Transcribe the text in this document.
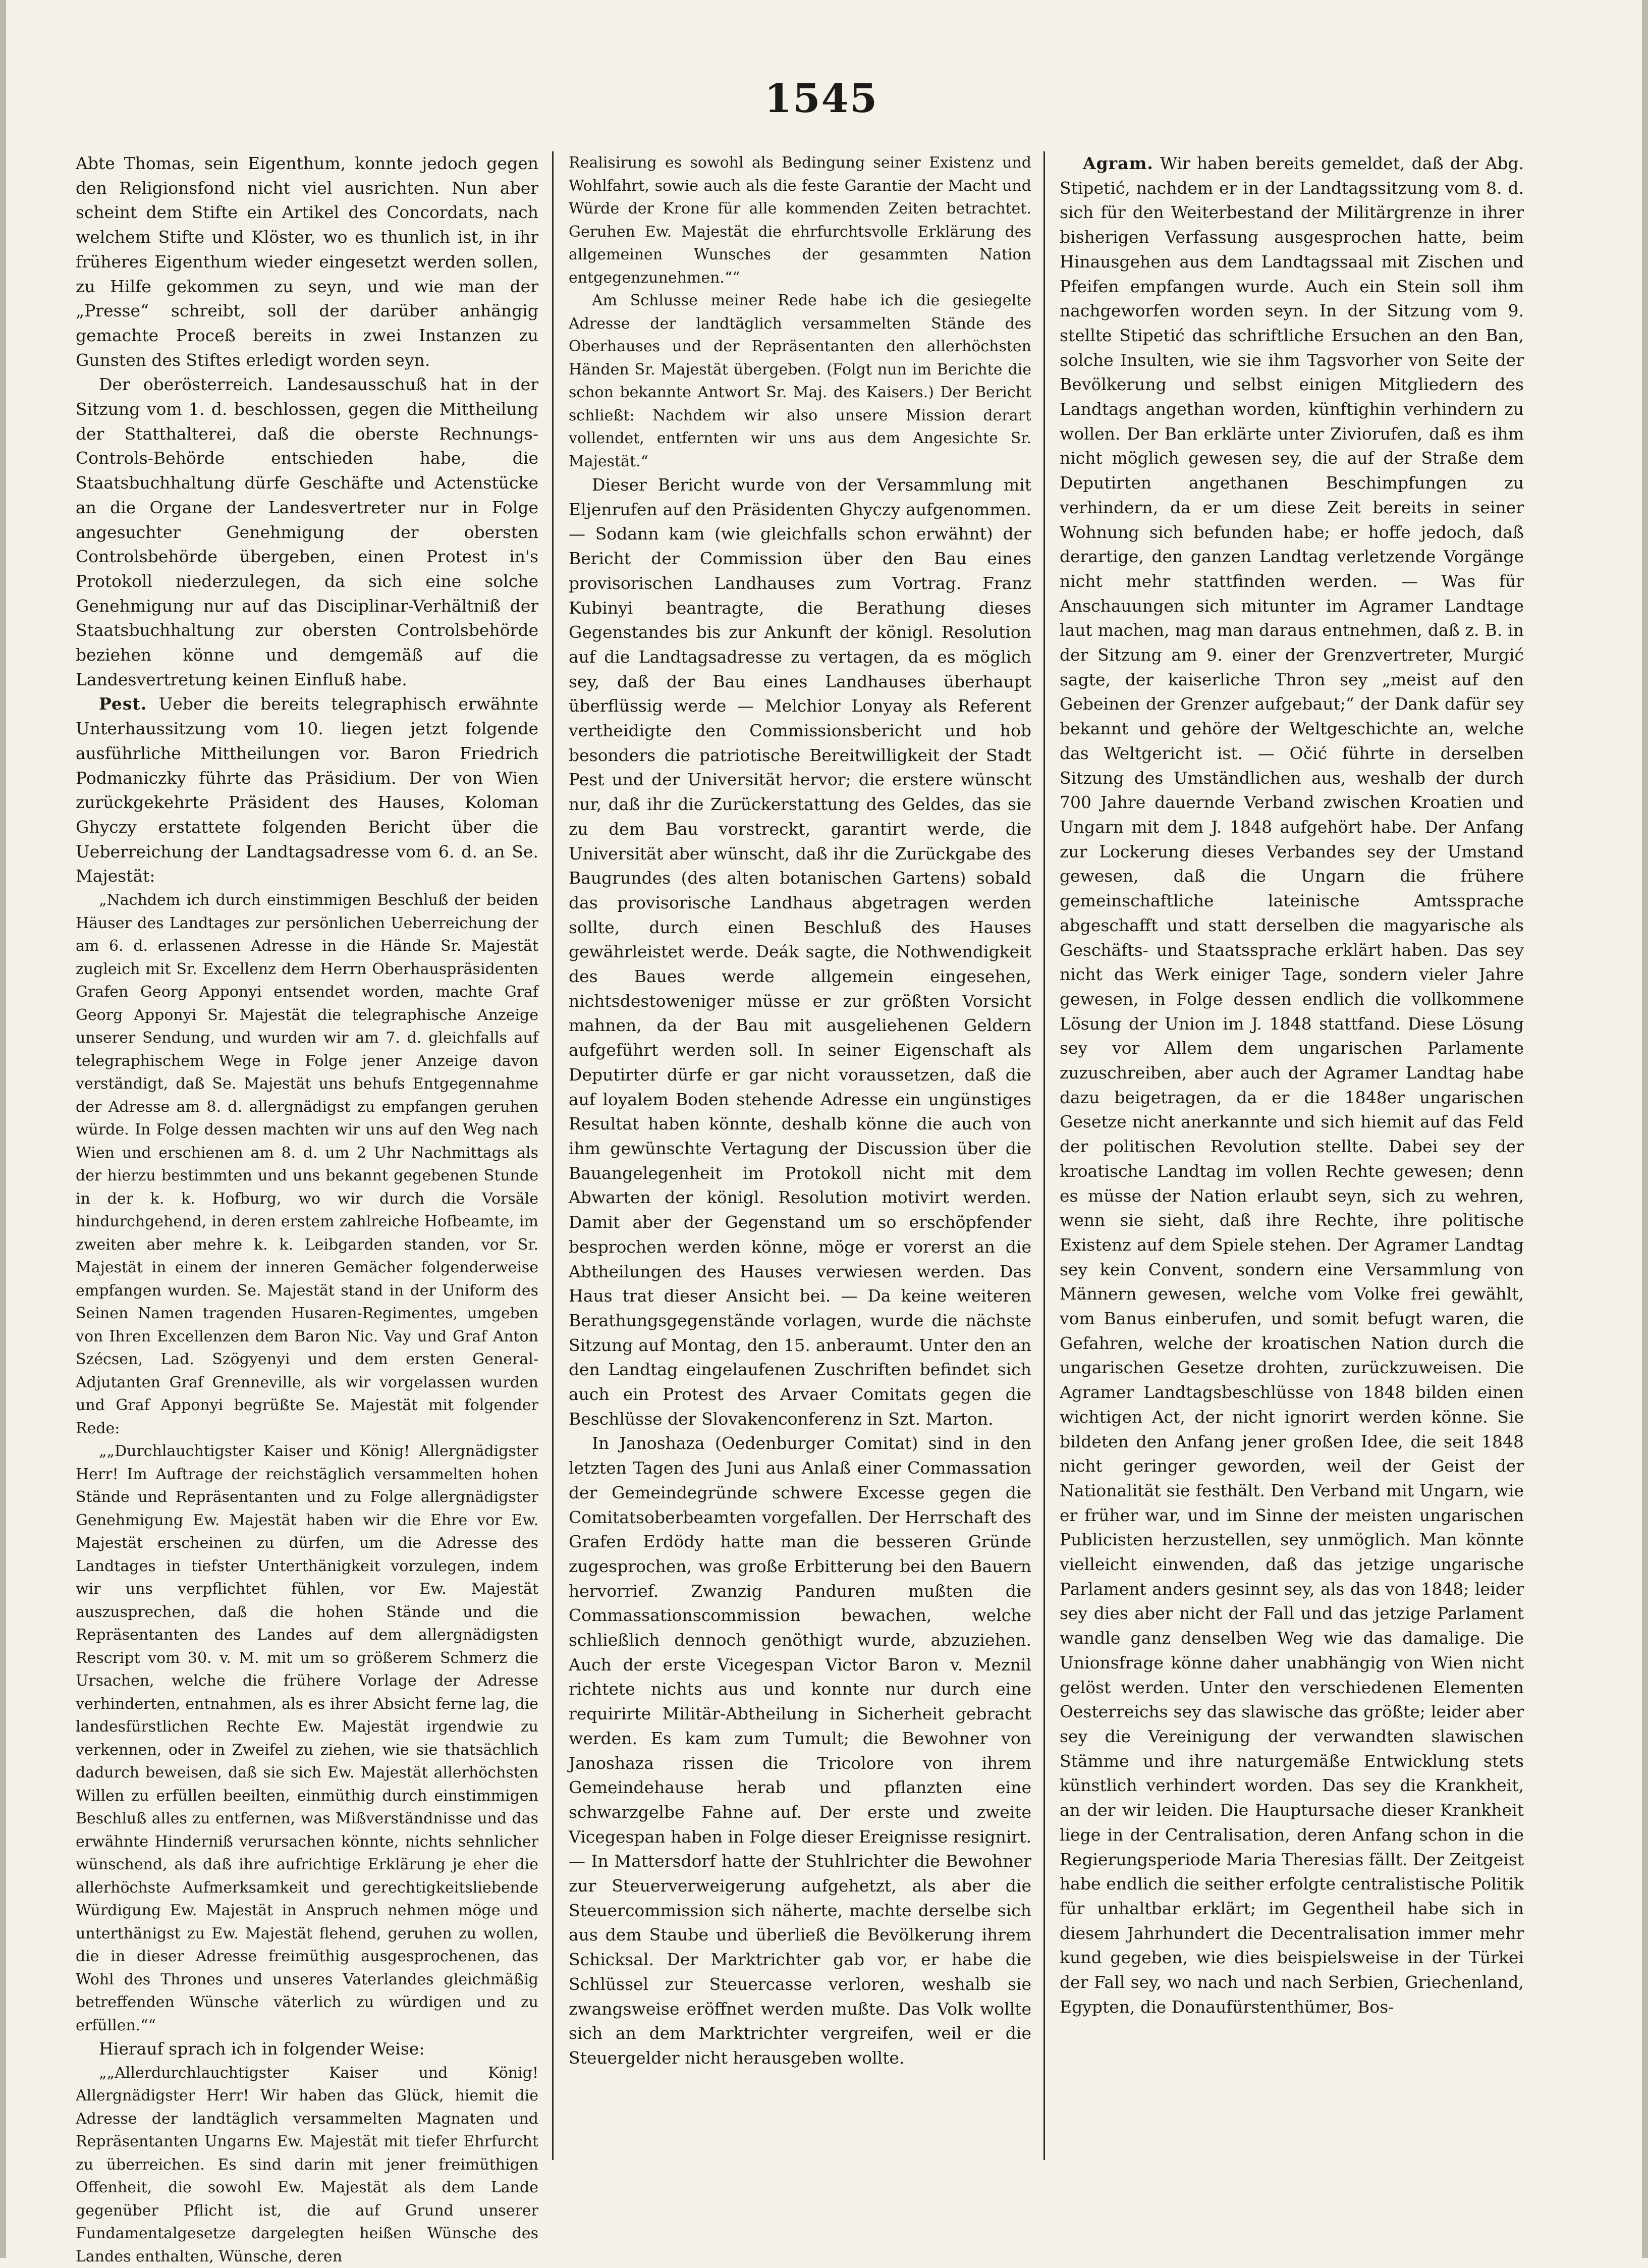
1545

Abte Thomas, sein Eigenthum, konnte jedoch gegen den Religionsfond nicht viel ausrichten. Nun aber scheint dem Stifte ein Artikel des Concordats, nach welchem Stifte und Klöster, wo es thunlich ist, in ihr früheres Eigenthum wieder eingesetzt werden sollen, zu Hilfe gekommen zu seyn, und wie man der „Presse“ schreibt, soll der darüber anhängig gemachte Proceß bereits in zwei Instanzen zu Gunsten des Stiftes erledigt worden seyn.

Der oberösterreich. Landesausschuß hat in der Sitzung vom 1. d. beschlossen, gegen die Mittheilung der Statthalterei, daß die oberste Rechnungs-Controls-Behörde entschieden habe, die Staatsbuchhaltung dürfe Geschäfte und Actenstücke an die Organe der Landesvertreter nur in Folge angesuchter Genehmigung der obersten Controlsbehörde übergeben, einen Protest in's Protokoll niederzulegen, da sich eine solche Genehmigung nur auf das Disciplinar-Verhältniß der Staatsbuchhaltung zur obersten Controlsbehörde beziehen könne und demgemäß auf die Landesvertretung keinen Einfluß habe.

Pest. Ueber die bereits telegraphisch erwähnte Unterhaussitzung vom 10. liegen jetzt folgende ausführliche Mittheilungen vor. Baron Friedrich Podmaniczky führte das Präsidium. Der von Wien zurückgekehrte Präsident des Hauses, Koloman Ghyczy erstattete folgenden Bericht über die Ueberreichung der Landtagsadresse vom 6. d. an Se. Majestät:

„Nachdem ich durch einstimmigen Beschluß der beiden Häuser des Landtages zur persönlichen Ueberreichung der am 6. d. erlassenen Adresse in die Hände Sr. Majestät zugleich mit Sr. Excellenz dem Herrn Oberhauspräsidenten Grafen Georg Apponyi entsendet worden, machte Graf Georg Apponyi Sr. Majestät die telegraphische Anzeige unserer Sendung, und wurden wir am 7. d. gleichfalls auf telegraphischem Wege in Folge jener Anzeige davon verständigt, daß Se. Majestät uns behufs Entgegennahme der Adresse am 8. d. allergnädigst zu empfangen geruhen würde. In Folge dessen machten wir uns auf den Weg nach Wien und erschienen am 8. d. um 2 Uhr Nachmittags als der hierzu bestimmten und uns bekannt gegebenen Stunde in der k. k. Hofburg, wo wir durch die Vorsäle hindurchgehend, in deren erstem zahlreiche Hofbeamte, im zweiten aber mehre k. k. Leibgarden standen, vor Sr. Majestät in einem der inneren Gemächer folgenderweise empfangen wurden. Se. Majestät stand in der Uniform des Seinen Namen tragenden Husaren-Regimentes, umgeben von Ihren Excellenzen dem Baron Nic. Vay und Graf Anton Szécsen, Lad. Szögyenyi und dem ersten General-Adjutanten Graf Grenneville, als wir vorgelassen wurden und Graf Apponyi begrüßte Se. Majestät mit folgender Rede:

„„Durchlauchtigster Kaiser und König! Allergnädigster Herr! Im Auftrage der reichstäglich versammelten hohen Stände und Repräsentanten und zu Folge allergnädigster Genehmigung Ew. Majestät haben wir die Ehre vor Ew. Majestät erscheinen zu dürfen, um die Adresse des Landtages in tiefster Unterthänigkeit vorzulegen, indem wir uns verpflichtet fühlen, vor Ew. Majestät auszusprechen, daß die hohen Stände und die Repräsentanten des Landes auf dem allergnädigsten Rescript vom 30. v. M. mit um so größerem Schmerz die Ursachen, welche die frühere Vorlage der Adresse verhinderten, entnahmen, als es ihrer Absicht ferne lag, die landesfürstlichen Rechte Ew. Majestät irgendwie zu verkennen, oder in Zweifel zu ziehen, wie sie thatsächlich dadurch beweisen, daß sie sich Ew. Majestät allerhöchsten Willen zu erfüllen beeilten, einmüthig durch einstimmigen Beschluß alles zu entfernen, was Mißverständnisse und das erwähnte Hinderniß verursachen könnte, nichts sehnlicher wünschend, als daß ihre aufrichtige Erklärung je eher die allerhöchste Aufmerksamkeit und gerechtigkeitsliebende Würdigung Ew. Majestät in Anspruch nehmen möge und unterthänigst zu Ew. Majestät flehend, geruhen zu wollen, die in dieser Adresse freimüthig ausgesprochenen, das Wohl des Thrones und unseres Vaterlandes gleichmäßig betreffenden Wünsche väterlich zu würdigen und zu erfüllen.““

Hierauf sprach ich in folgender Weise:

„„Allerdurchlauchtigster Kaiser und König! Allergnädigster Herr! Wir haben das Glück, hiemit die Adresse der landtäglich versammelten Magnaten und Repräsentanten Ungarns Ew. Majestät mit tiefer Ehrfurcht zu überreichen. Es sind darin mit jener freimüthigen Offenheit, die sowohl Ew. Majestät als dem Lande gegenüber Pflicht ist, die auf Grund unserer Fundamentalgesetze dargelegten heißen Wünsche des Landes enthalten, Wünsche, deren

Realisirung es sowohl als Bedingung seiner Existenz und Wohlfahrt, sowie auch als die feste Garantie der Macht und Würde der Krone für alle kommenden Zeiten betrachtet. Geruhen Ew. Majestät die ehrfurchtsvolle Erklärung des allgemeinen Wunsches der gesammten Nation entgegenzunehmen.““

Am Schlusse meiner Rede habe ich die gesiegelte Adresse der landtäglich versammelten Stände des Oberhauses und der Repräsentanten den allerhöchsten Händen Sr. Majestät übergeben. (Folgt nun im Berichte die schon bekannte Antwort Sr. Maj. des Kaisers.) Der Bericht schließt: Nachdem wir also unsere Mission derart vollendet, entfernten wir uns aus dem Angesichte Sr. Majestät.“

Dieser Bericht wurde von der Versammlung mit Eljenrufen auf den Präsidenten Ghyczy aufgenommen. — Sodann kam (wie gleichfalls schon erwähnt) der Bericht der Commission über den Bau eines provisorischen Landhauses zum Vortrag. Franz Kubinyi beantragte, die Berathung dieses Gegenstandes bis zur Ankunft der königl. Resolution auf die Landtagsadresse zu vertagen, da es möglich sey, daß der Bau eines Landhauses überhaupt überflüssig werde — Melchior Lonyay als Referent vertheidigte den Commissionsbericht und hob besonders die patriotische Bereitwilligkeit der Stadt Pest und der Universität hervor; die erstere wünscht nur, daß ihr die Zurückerstattung des Geldes, das sie zu dem Bau vorstreckt, garantirt werde, die Universität aber wünscht, daß ihr die Zurückgabe des Baugrundes (des alten botanischen Gartens) sobald das provisorische Landhaus abgetragen werden sollte, durch einen Beschluß des Hauses gewährleistet werde. Deák sagte, die Nothwendigkeit des Baues werde allgemein eingesehen, nichtsdestoweniger müsse er zur größten Vorsicht mahnen, da der Bau mit ausgeliehenen Geldern aufgeführt werden soll. In seiner Eigenschaft als Deputirter dürfe er gar nicht voraussetzen, daß die auf loyalem Boden stehende Adresse ein ungünstiges Resultat haben könnte, deshalb könne die auch von ihm gewünschte Vertagung der Discussion über die Bauangelegenheit im Protokoll nicht mit dem Abwarten der königl. Resolution motivirt werden. Damit aber der Gegenstand um so erschöpfender besprochen werden könne, möge er vorerst an die Abtheilungen des Hauses verwiesen werden. Das Haus trat dieser Ansicht bei. — Da keine weiteren Berathungsgegenstände vorlagen, wurde die nächste Sitzung auf Montag, den 15. anberaumt. Unter den an den Landtag eingelaufenen Zuschriften befindet sich auch ein Protest des Arvaer Comitats gegen die Beschlüsse der Slovakenconferenz in Szt. Marton.

In Janoshaza (Oedenburger Comitat) sind in den letzten Tagen des Juni aus Anlaß einer Commassation der Gemeindegründe schwere Excesse gegen die Comitatsoberbeamten vorgefallen. Der Herrschaft des Grafen Erdödy hatte man die besseren Gründe zugesprochen, was große Erbitterung bei den Bauern hervorrief. Zwanzig Panduren mußten die Commassationscommission bewachen, welche schließlich dennoch genöthigt wurde, abzuziehen. Auch der erste Vicegespan Victor Baron v. Meznil richtete nichts aus und konnte nur durch eine requirirte Militär-Abtheilung in Sicherheit gebracht werden. Es kam zum Tumult; die Bewohner von Janoshaza rissen die Tricolore von ihrem Gemeindehause herab und pflanzten eine schwarzgelbe Fahne auf. Der erste und zweite Vicegespan haben in Folge dieser Ereignisse resignirt. — In Mattersdorf hatte der Stuhlrichter die Bewohner zur Steuerverweigerung aufgehetzt, als aber die Steuercommission sich näherte, machte derselbe sich aus dem Staube und überließ die Bevölkerung ihrem Schicksal. Der Marktrichter gab vor, er habe die Schlüssel zur Steuercasse verloren, weshalb sie zwangsweise eröffnet werden mußte. Das Volk wollte sich an dem Marktrichter vergreifen, weil er die Steuergelder nicht herausgeben wollte.

Agram. Wir haben bereits gemeldet, daß der Abg. Stipetić, nachdem er in der Landtagssitzung vom 8. d. sich für den Weiterbestand der Militärgrenze in ihrer bisherigen Verfassung ausgesprochen hatte, beim Hinausgehen aus dem Landtagssaal mit Zischen und Pfeifen empfangen wurde. Auch ein Stein soll ihm nachgeworfen worden seyn. In der Sitzung vom 9. stellte Stipetić das schriftliche Ersuchen an den Ban, solche Insulten, wie sie ihm Tagsvorher von Seite der Bevölkerung und selbst einigen Mitgliedern des Landtags angethan worden, künftighin verhindern zu wollen. Der Ban erklärte unter Ziviorufen, daß es ihm nicht möglich gewesen sey, die auf der Straße dem Deputirten angethanen Beschimpfungen zu verhindern, da er um diese Zeit bereits in seiner Wohnung sich befunden habe; er hoffe jedoch, daß derartige, den ganzen Landtag verletzende Vorgänge nicht mehr stattfinden werden. — Was für Anschauungen sich mitunter im Agramer Landtage laut machen, mag man daraus entnehmen, daß z. B. in der Sitzung am 9. einer der Grenzvertreter, Murgić sagte, der kaiserliche Thron sey „meist auf den Gebeinen der Grenzer aufgebaut;“ der Dank dafür sey bekannt und gehöre der Weltgeschichte an, welche das Weltgericht ist. — Očić führte in derselben Sitzung des Umständlichen aus, weshalb der durch 700 Jahre dauernde Verband zwischen Kroatien und Ungarn mit dem J. 1848 aufgehört habe. Der Anfang zur Lockerung dieses Verbandes sey der Umstand gewesen, daß die Ungarn die frühere gemeinschaftliche lateinische Amtssprache abgeschafft und statt derselben die magyarische als Geschäfts- und Staatssprache erklärt haben. Das sey nicht das Werk einiger Tage, sondern vieler Jahre gewesen, in Folge dessen endlich die vollkommene Lösung der Union im J. 1848 stattfand. Diese Lösung sey vor Allem dem ungarischen Parlamente zuzuschreiben, aber auch der Agramer Landtag habe dazu beigetragen, da er die 1848er ungarischen Gesetze nicht anerkannte und sich hiemit auf das Feld der politischen Revolution stellte. Dabei sey der kroatische Landtag im vollen Rechte gewesen; denn es müsse der Nation erlaubt seyn, sich zu wehren, wenn sie sieht, daß ihre Rechte, ihre politische Existenz auf dem Spiele stehen. Der Agramer Landtag sey kein Convent, sondern eine Versammlung von Männern gewesen, welche vom Volke frei gewählt, vom Banus einberufen, und somit befugt waren, die Gefahren, welche der kroatischen Nation durch die ungarischen Gesetze drohten, zurückzuweisen. Die Agramer Landtagsbeschlüsse von 1848 bilden einen wichtigen Act, der nicht ignorirt werden könne. Sie bildeten den Anfang jener großen Idee, die seit 1848 nicht geringer geworden, weil der Geist der Nationalität sie festhält. Den Verband mit Ungarn, wie er früher war, und im Sinne der meisten ungarischen Publicisten herzustellen, sey unmöglich. Man könnte vielleicht einwenden, daß das jetzige ungarische Parlament anders gesinnt sey, als das von 1848; leider sey dies aber nicht der Fall und das jetzige Parlament wandle ganz denselben Weg wie das damalige. Die Unionsfrage könne daher unabhängig von Wien nicht gelöst werden. Unter den verschiedenen Elementen Oesterreichs sey das slawische das größte; leider aber sey die Vereinigung der verwandten slawischen Stämme und ihre naturgemäße Entwicklung stets künstlich verhindert worden. Das sey die Krankheit, an der wir leiden. Die Hauptursache dieser Krankheit liege in der Centralisation, deren Anfang schon in die Regierungsperiode Maria Theresias fällt. Der Zeitgeist habe endlich die seither erfolgte centralistische Politik für unhaltbar erklärt; im Gegentheil habe sich in diesem Jahrhundert die Decentralisation immer mehr kund gegeben, wie dies beispielsweise in der Türkei der Fall sey, wo nach und nach Serbien, Griechenland, Egypten, die Donaufürstenthümer, Bos-
